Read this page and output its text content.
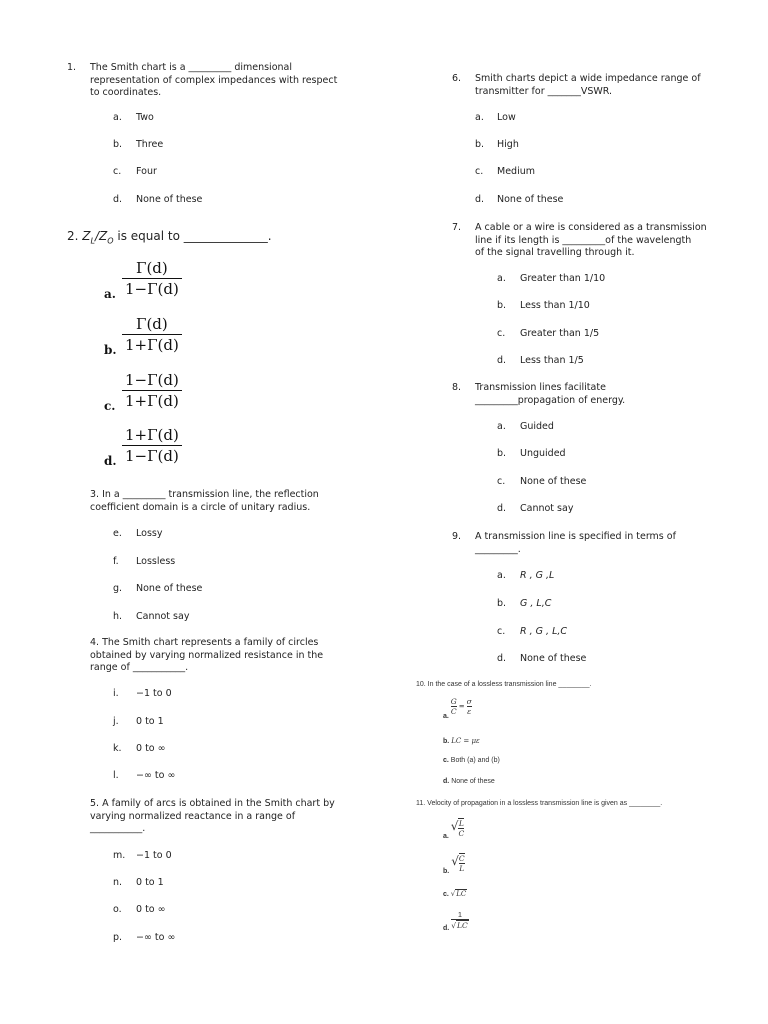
1. The Smith chart is a _________ dimensional
representation of complex impedances with respect
to coordinates.
a.	Two
b.	Three
c.	Four
d.	None of these
2. $Z_L/Z_O$ is equal to ______________.
a.
Γ(d)
1−Γ(d)
b.
Γ(d)
1+Γ(d)
c.
1−Γ(d)
1+Γ(d)
d.
1+Γ(d)
1−Γ(d)
3. In a _________ transmission line, the reflection
coefficient domain is a circle of unitary radius.
e.	Lossy
f.	Lossless
g.	None of these
h.	Cannot say
4. The Smith chart represents a family of circles
obtained by varying normalized resistance in the
range of ___________.
i.	−1 to 0
j.	0 to 1
k.	0 to ∞
l.	−∞ to ∞
5. A family of arcs is obtained in the Smith chart by
varying normalized reactance in a range of
___________.
m.	−1 to 0
n.	0 to 1
o.	0 to ∞
p.	−∞ to ∞
6. Smith charts depict a wide impedance range of
transmitter for _______VSWR.
a.	Low
b.	High
c.	Medium
d.	None of these
7. A cable or a wire is considered as a transmission
line if its length is _________of the wavelength
of the signal travelling through it.
a.	Greater than 1/10
b.	Less than 1/10
c.	Greater than 1/5
d.	Less than 1/5
8. Transmission lines facilitate
_________propagation of energy.
a.	Guided
b.	Unguided
c.	None of these
d.	Cannot say
9. A transmission line is specified in terms of
_________.
a.	R , G ,L
b.	G , L,C
c.	R , G , L,C
d.	None of these
10. In the case of a lossless transmission line ________.
a.
$\frac{G}{C} = \frac{\sigma}{\varepsilon}$
b. LC = με
c. Both (a) and (b)
d. None of these
11. Velocity of propagation in a lossless transmission line is given as ________.
a. √ $\frac{L}{C}$
b. √ $\frac{C}{L}$
c. √LC
d. $\frac{1}{√LC}$
